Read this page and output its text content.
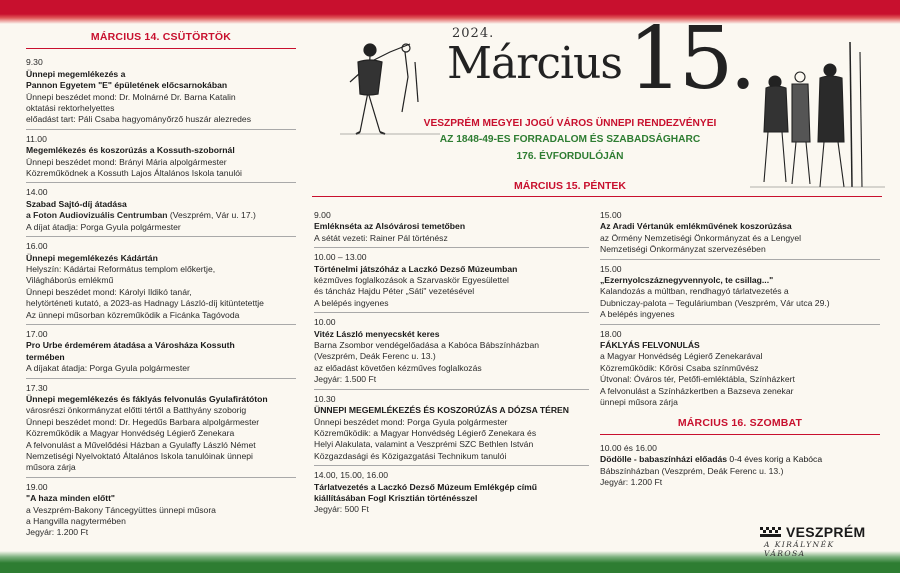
MÁRCIUS 14. CSÜTÖRTÖK
9.30
Ünnepi megemlékezés a
Pannon Egyetem "E" épületének előcsarnokában
Ünnepi beszédet mond: Dr. Molnárné Dr. Barna Katalin
oktatási rektorhelyettes
előadást tart: Páli Csaba hagyományőrző huszár alezredes
11.00
Megemlékezés és koszorúzás a Kossuth-szobornál
Ünnepi beszédet mond: Brányi Mária alpolgármester
Közreműködnek a Kossuth Lajos Általános Iskola tanulói
14.00
Szabad Sajtó-díj átadása
a Foton Audiovizuális Centrumban (Veszprém, Vár u. 17.)
A díjat átadja: Porga Gyula polgármester
16.00
Ünnepi megemlékezés Kádártán
Helyszín: Kádártai Református templom előkertje,
Világháborús emlékmű
Ünnepi beszédet mond: Károlyi Ildikó tanár,
helytörténeti kutató, a 2023-as Hadnagy László-díj kitüntetettje
Az ünnepi műsorban közreműködik a Ficánka Tagóvoda
17.00
Pro Urbe érdemérem átadása a Városháza Kossuth
termében
A díjakat átadja: Porga Gyula polgármester
17.30
Ünnepi megemlékezés és fáklyás felvonulás Gyulafirátóton
városrészi önkormányzat előtti tértől a Batthyány szoborig
Ünnepi beszédet mond: Dr. Hegedűs Barbara alpolgármester
Közreműködik a Magyar Honvédség Légierő Zenekara
A felvonulást a Művelődési Házban a Gyulaffy László Német
Nemzetiségi Nyelvoktató Általános Iskola tanulóinak ünnepi
műsora zárja
19.00
"A haza minden előtt"
a Veszprém-Bakony Táncegyüttes ünnepi műsora
a Hangvilla nagytermében
Jegyár: 1.200 Ft
2024.
Március 15.
VESZPRÉM MEGYEI JOGÚ VÁROS ÜNNEPI RENDEZVÉNYEI
AZ 1848-49-ES FORRADALOM ÉS SZABADSÁGHARC
176. ÉVFORDULÓJÁN
MÁRCIUS 15. PÉNTEK
9.00
Emléknséta az Alsóvárosi temetőben
A sétát vezeti: Rainer Pál történész
10.00 – 13.00
Történelmi játszóház a Laczkó Dezső Múzeumban
kézműves foglalkozások a Szarvaskör Egyesülettel
és táncház Hajdu Péter „Sáti" vezetésével
A belépés ingyenes
10.00
Vitéz László menyecskét keres
Barna Zsombor vendégelőadása a Kabóca Bábszínházban
(Veszprém, Deák Ferenc u. 13.)
az előadást követően kézműves foglalkozás
Jegyár: 1.500 Ft
10.30
ÜNNEPI MEGEMLÉKEZÉS ÉS KOSZORÚZÁS A DÓZSA TÉREN
Ünnepi beszédet mond: Porga Gyula polgármester
Közreműködik: a Magyar Honvédség Légierő Zenekara és
Helyi Alakulata, valamint a Veszprémi SZC Bethlen István
Közgazdasági és Közigazgatási Technikum tanulói
14.00, 15.00, 16.00
Tárlatvezetés a Laczkó Dezső Múzeum Emlékgép című
kiállításában Fogl Krisztián történésszel
Jegyár: 500 Ft
15.00
Az Aradi Vértanúk emlékművének koszorúzása
az Örmény Nemzetiségi Önkormányzat és a Lengyel
Nemzetiségi Önkormányzat szervezésében
15.00
„Ezernyolcszáznegyvennyolc, te csillag..."
Kalandozás a múltban, rendhagyó tárlatvezetés a
Dubniczay-palota – Teguláriumban (Veszprém, Vár utca 29.)
A belépés ingyenes
18.00
FÁKLYÁS FELVONULÁS
a Magyar Honvédség Légierő Zenekarával
Közreműködik: Kőrösi Csaba színművész
Útvonal: Óváros tér, Petőfi-emléktábla, Színházkert
A felvonulást a Színházkertben a Bazseva zenekar
ünnepi műsora zárja
MÁRCIUS 16. SZOMBAT
10.00 és 16.00
Dödölle - babaszínházi előadás 0-4 éves korig a Kabóca
Bábszínházban (Veszprém, Deák Ferenc u. 13.)
Jegyár: 1.200 Ft
VESZPRÉM
A KIRÁLYNÉK VÁROSA
